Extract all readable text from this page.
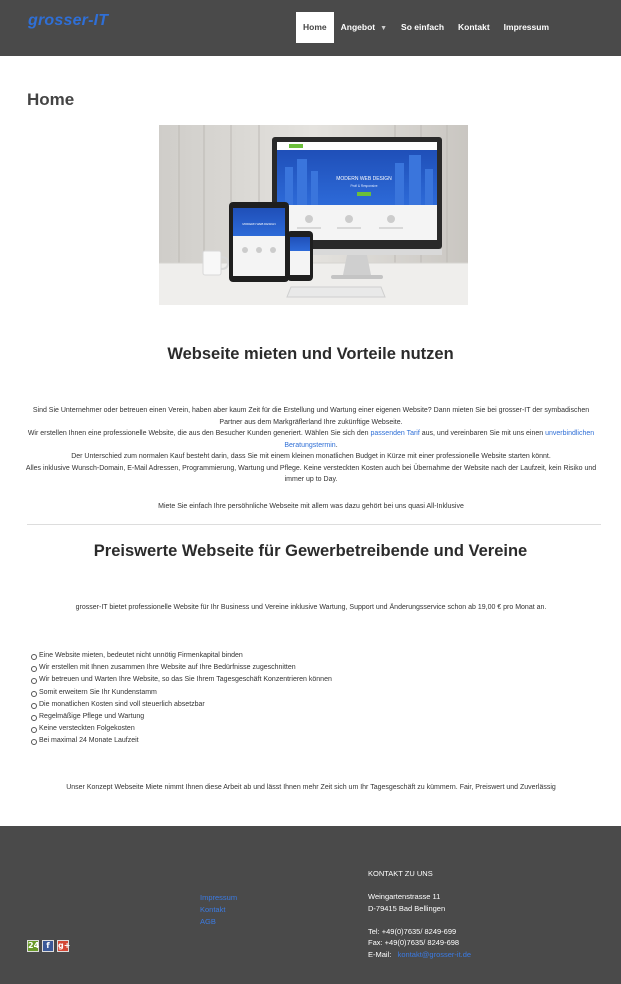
grosser-IT	Home	Angebot ▼	So einfach	Kontakt	Impressum
Home
MODERN WEB DESIGN
Profi & Responsive
MODERN WEB DESIGN
Webseite mieten und Vorteile nutzen
Sind Sie Unternehmer oder betreuen einen Verein, haben aber kaum Zeit für die Erstellung und Wartung einer eigenen Website? Dann mieten Sie bei grosser-IT der symbadischen Partner aus dem Markgräflerland Ihre zukünftige Webseite.
Wir erstellen Ihnen eine professionelle Website, die aus den Besucher Kunden generiert. Wählen Sie sich den passenden Tarif aus, und vereinbaren Sie mit uns einen unverbindlichen Beratungstermin.
Der Unterschied zum normalen Kauf besteht darin, dass Sie mit einem kleinen monatlichen Budget in Kürze mit einer professionelle Website starten könnt.
Alles inklusive Wunsch-Domain, E-Mail Adressen, Programmierung, Wartung und Pflege. Keine versteckten Kosten auch bei Übernahme der Website nach der Laufzeit, kein Risiko und immer up to Day.
Miete Sie einfach Ihre persöhnliche Webseite mit allem was dazu gehört bei uns quasi All-Inklusive
Preiswerte Webseite für Gewerbetreibende und Vereine
grosser-IT bietet professionelle Website für Ihr Business und Vereine inklusive Wartung, Support und Änderungsservice schon ab 19,00 € pro Monat an.
Eine Website mieten, bedeutet nicht unnötig Firmenkapital binden
Wir erstellen mit Ihnen zusammen Ihre Website auf Ihre Bedürfnisse zugeschnitten
Wir betreuen und Warten Ihre Website, so das Sie Ihrem Tagesgeschäft Konzentrieren können
Somit erweitern Sie Ihr Kundenstamm
Die monatlichen Kosten sind voll steuerlich absetzbar
Regelmäßige Pflege und Wartung
Keine versteckten Folgekosten
Bei maximal 24 Monate Laufzeit
Unser Konzept Webseite Miete nimmt Ihnen diese Arbeit ab und lässt Ihnen mehr Zeit sich um Ihr Tagesgeschäft zu kümmern. Fair, Preiswert und Zuverlässig
24 f	g+
Impressum
Kontakt
AGB
KONTAKT ZU UNS
Weingartenstrasse 11
D-79415 Bad Bellingen
Tel: +49(0)7635/ 8249-699
Fax: +49(0)7635/ 8249-698
E-Mail: kontakt@grosser-it.de
